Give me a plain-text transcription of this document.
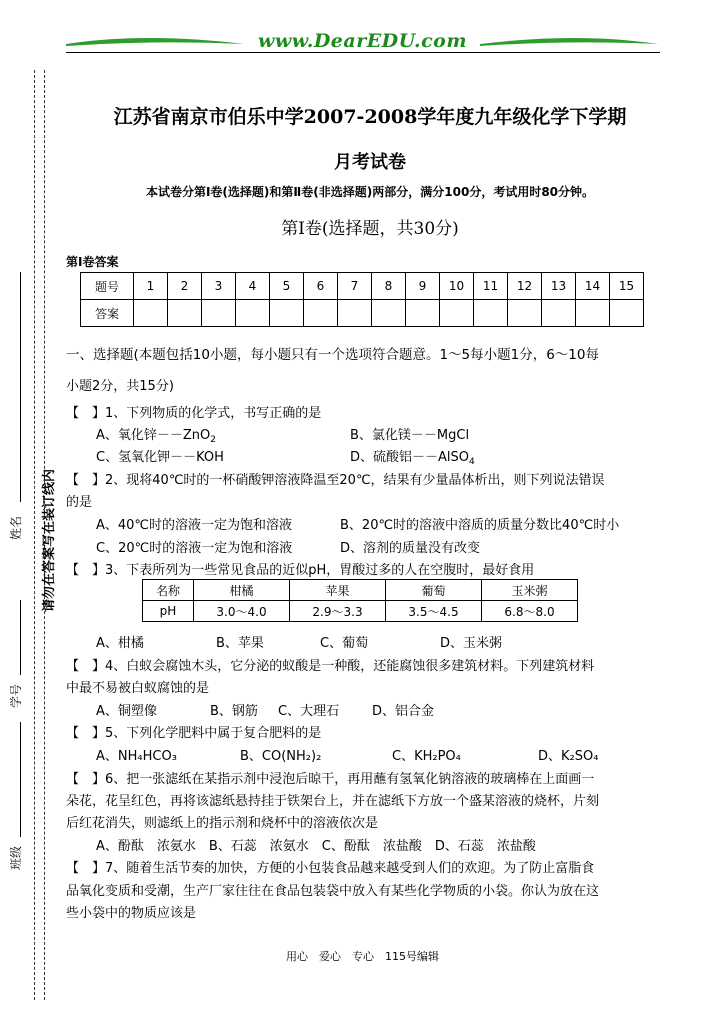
www.DearEDU.com
姓名	请勿在答案写在装订线内
学号
班级
江苏省南京市伯乐中学2007-2008学年度九年级化学下学期
月考试卷
本试卷分第Ⅰ卷(选择题)和第Ⅱ卷(非选择题)两部分，满分100分，考试用时80分钟。
第Ⅰ卷(选择题，共30分)
第Ⅰ卷答案
题号	1	2	3	4	5	6	7	8	9	10	11	12	13	14	15
答案															
一、选择题(本题包括10小题，每小题只有一个选项符合题意。1～5每小题1分，6～10每
小题2分，共15分)
【　】1、下列物质的化学式，书写正确的是
A、氧化锌－－ZnO$_2$	B、氯化镁－－MgCl
C、氢氧化钾－－KOH	D、硫酸铝－－AlSO$_4$
【　】2、现将40℃时的一杯硝酸钾溶液降温至20℃，结果有少量晶体析出，则下列说法错误
的是
A、40℃时的溶液一定为饱和溶液	B、20℃时的溶液中溶质的质量分数比40℃时小
C、20℃时的溶液一定为饱和溶液	D、溶剂的质量没有改变
【　】3、下表所列为一些常见食品的近似pH，胃酸过多的人在空腹时，最好食用
名称	柑橘	苹果	葡萄	玉米粥
pH	3.0～4.0	2.9～3.3	3.5～4.5	6.8～8.0
A、柑橘	B、苹果	C、葡萄	D、玉米粥
【　】4、白蚁会腐蚀木头，它分泌的蚁酸是一种酸，还能腐蚀很多建筑材料。下列建筑材料
中最不易被白蚁腐蚀的是
A、铜塑像	B、钢筋 C、大理石	D、铝合金
【　】5、下列化学肥料中属于复合肥料的是
A、NH₄HCO₃	B、CO(NH₂)₂	C、KH₂PO₄	D、K₂SO₄
【　】6、把一张滤纸在某指示剂中浸泡后晾干，再用蘸有氢氧化钠溶液的玻璃棒在上面画一
朵花，花呈红色，再将该滤纸悬持挂于铁架台上，并在滤纸下方放一个盛某溶液的烧杯，片刻
后红花消失，则滤纸上的指示剂和烧杯中的溶液依次是
A、酚酞　浓氨水　B、石蕊　浓氨水　C、酚酞　浓盐酸　D、石蕊　浓盐酸
【　】7、随着生活节奏的加快，方便的小包装食品越来越受到人们的欢迎。为了防止富脂食
品氧化变质和受潮，生产厂家往往在食品包装袋中放入有某些化学物质的小袋。你认为放在这
些小袋中的物质应该是
用心　爱心　专心　115号编辑
